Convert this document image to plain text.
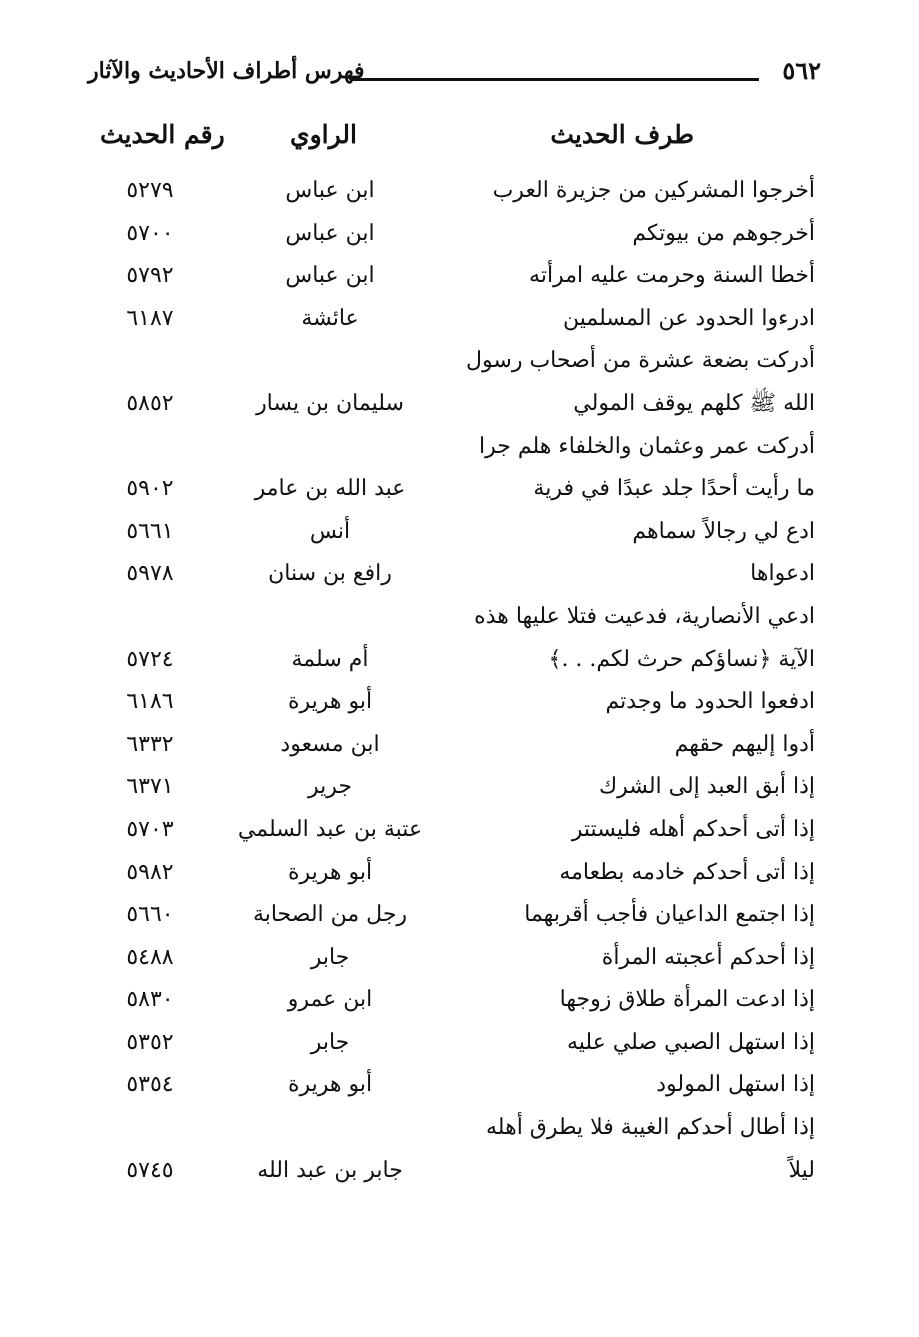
٥٦٢
فهرس أطراف الأحاديث والآثار
طرف الحديث
الراوي
رقم الحديث
أخرجوا المشركين من جزيرة العرب
ابن عباس
٥٢٧٩
أخرجوهم من بيوتكم
ابن عباس
٥٧٠٠
أخطا السنة وحرمت عليه امرأته
ابن عباس
٥٧٩٢
ادرءوا الحدود عن المسلمين
عائشة
٦١٨٧
أدركت بضعة عشرة من أصحاب رسول
الله ﷺ كلهم يوقف المولي
سليمان بن يسار
٥٨٥٢
أدركت عمر وعثمان والخلفاء هلم جرا
ما رأيت أحدًا جلد عبدًا في فرية
عبد الله بن عامر
٥٩٠٢
ادع لي رجالاً سماهم
أنس
٥٦٦١
ادعواها
رافع بن سنان
٥٩٧٨
ادعي الأنصارية، فدعيت فتلا عليها هذه
الآية ﴿نساؤكم حرث لكم. . .﴾
أم سلمة
٥٧٢٤
ادفعوا الحدود ما وجدتم
أبو هريرة
٦١٨٦
أدوا إليهم حقهم
ابن مسعود
٦٣٣٢
إذا أبق العبد إلى الشرك
جرير
٦٣٧١
إذا أتى أحدكم أهله فليستتر
عتبة بن عبد السلمي
٥٧٠٣
إذا أتى أحدكم خادمه بطعامه
أبو هريرة
٥٩٨٢
إذا اجتمع الداعيان فأجب أقربهما
رجل من الصحابة
٥٦٦٠
إذا أحدكم أعجبته المرأة
جابر
٥٤٨٨
إذا ادعت المرأة طلاق زوجها
ابن عمرو
٥٨٣٠
إذا استهل الصبي صلي عليه
جابر
٥٣٥٢
إذا استهل المولود
أبو هريرة
٥٣٥٤
إذا أطال أحدكم الغيبة فلا يطرق أهله
ليلاً
جابر بن عبد الله
٥٧٤٥
